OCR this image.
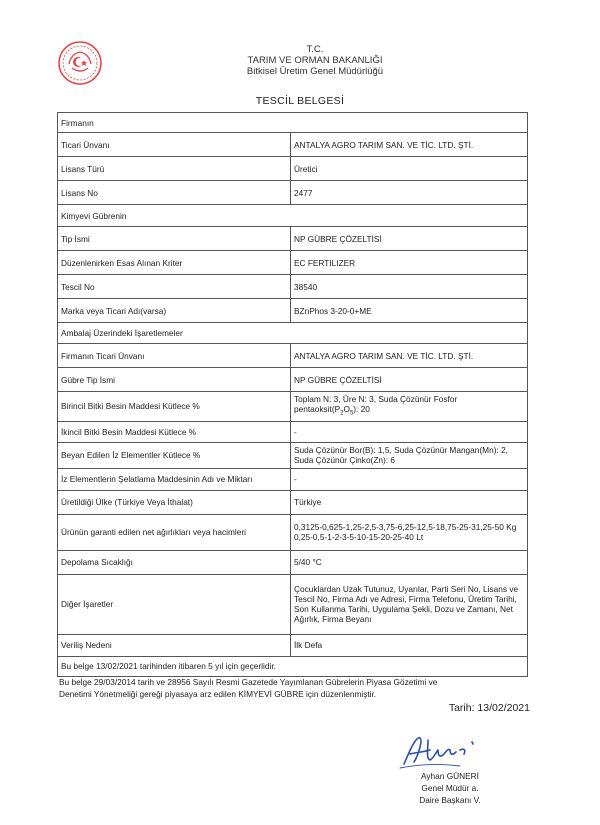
T.C.
TARIM VE ORMAN BAKANLIĞI
Bitkisel Üretim Genel Müdürlüğü
TESCİL BELGESİ
Firmanın	
Ticari Ünvanı	ANTALYA AGRO TARIM SAN. VE TİC. LTD. ŞTİ.
Lisans Türü	Üretici
Lisans No	2477
Kimyevi Gübrenin	
Tip İsmi	NP GÜBRE ÇÖZELTİSİ
Düzenlenirken Esas Alınan Kriter	EC FERTILIZER
Tescil No	38540
Marka veya Ticari Adı(varsa)	BZnPhos 3-20-0+ME
Ambalaj Üzerindeki İşaretlemeler	
Firmanın Ticari Ünvanı	ANTALYA AGRO TARIM SAN. VE TİC. LTD. ŞTİ.
Gübre Tip İsmi	NP GÜBRE ÇÖZELTİSİ
Birincil Bitki Besin Maddesi Kütlece %	Toplam N: 3, Üre N: 3, Suda Çözünür Fosfor
$pentaoksit(P_2O_5)$: 20
İkincil Bitki Besin Maddesi Kütlece %	-
Beyan Edilen İz Elementler Kütlece %	Suda Çözünür Bor(B): 1,5, Suda Çözünür Mangan(Mn): 2, Suda Çözünür Çinko(Zn): 6
İz Elementlerin Şelatlama Maddesinin Adı ve Miktarı	-
Üretildiği Ülke (Türkiye Veya İthalat)	Türkiye
Ürünün garanti edilen net ağırlıkları veya hacimleri	0,3125-0,625-1,25-2,5-3,75-6,25-12,5-18,75-25-31,25-50 Kg
0,25-0,5-1-2-3-5-10-15-20-25-40 Lt
Depolama Sıcaklığı	5/40 °C
Diğer İşaretler	Çocuklardan Uzak Tutunuz, Uyarılar, Parti Seri No, Lisans ve Tescil No, Firma Adı ve Adresi, Firma Telefonu, Üretim Tarihi, Son Kullanma Tarihi, Uygulama Şekli, Dozu ve Zamanı, Net Ağırlık, Firma Beyanı
Veriliş Nedeni	İlk Defa
Bu belge 13/02/2021 tarihinden itibaren 5 yıl için geçerlidir.	
Bu belge 29/03/2014 tarih ve 28956 Sayılı Resmi Gazetede Yayımlanan Gübrelerin Piyasa Gözetimi ve
Denetimi Yönetmeliği gereği piyasaya arz edilen KİMYEVİ GÜBRE için düzenlenmiştir.
Tarih: 13/02/2021
Ayhan GÜNERİ
Genel Müdür a.
Daire Başkanı V.
